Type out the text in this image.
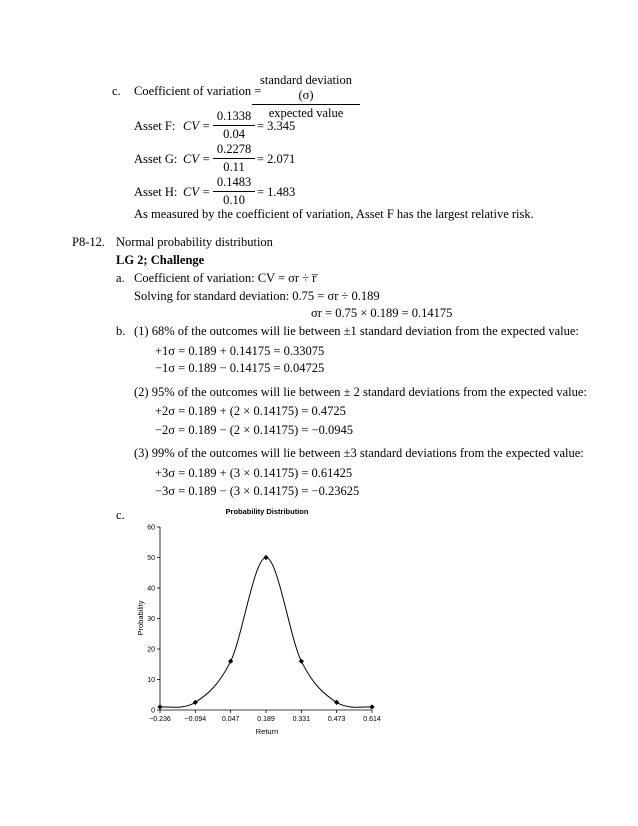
c. Coefficient of variation =
standard deviation (σ)
expected value
Asset F: CV = $\frac{0.1338}{0.04} = 3.345$
Asset G: CV = $\frac{0.2278}{0.11} = 2.071$
Asset H: CV = $\frac{0.1483}{0.10} = 1.483$
As measured by the coefficient of variation, Asset F has the largest relative risk.
P8-12. Normal probability distribution
LG 2; Challenge
a. Coefficient of variation: CV = σr ÷ r̅
Solving for standard deviation: 0.75 = σr ÷ 0.189
σr = 0.75 × 0.189 = 0.14175
b. (1) 68% of the outcomes will lie between ±1 standard deviation from the expected value:
+1σ = 0.189 + 0.14175 = 0.33075
−1σ = 0.189 − 0.14175 = 0.04725
(2) 95% of the outcomes will lie between ± 2 standard deviations from the expected value:
+2σ = 0.189 + (2 × 0.14175) = 0.4725
−2σ = 0.189 − (2 × 0.14175) = −0.0945
(3) 99% of the outcomes will lie between ±3 standard deviations from the expected value:
+3σ = 0.189 + (3 × 0.14175) = 0.61425
−3σ = 0.189 − (3 × 0.14175) = −0.23625
c.	Probability Distribution
0
10
20
30
40
50
60
−0.236 −0.094 0.047	0.189	0.331	0.473	0.614
Return
Probability
